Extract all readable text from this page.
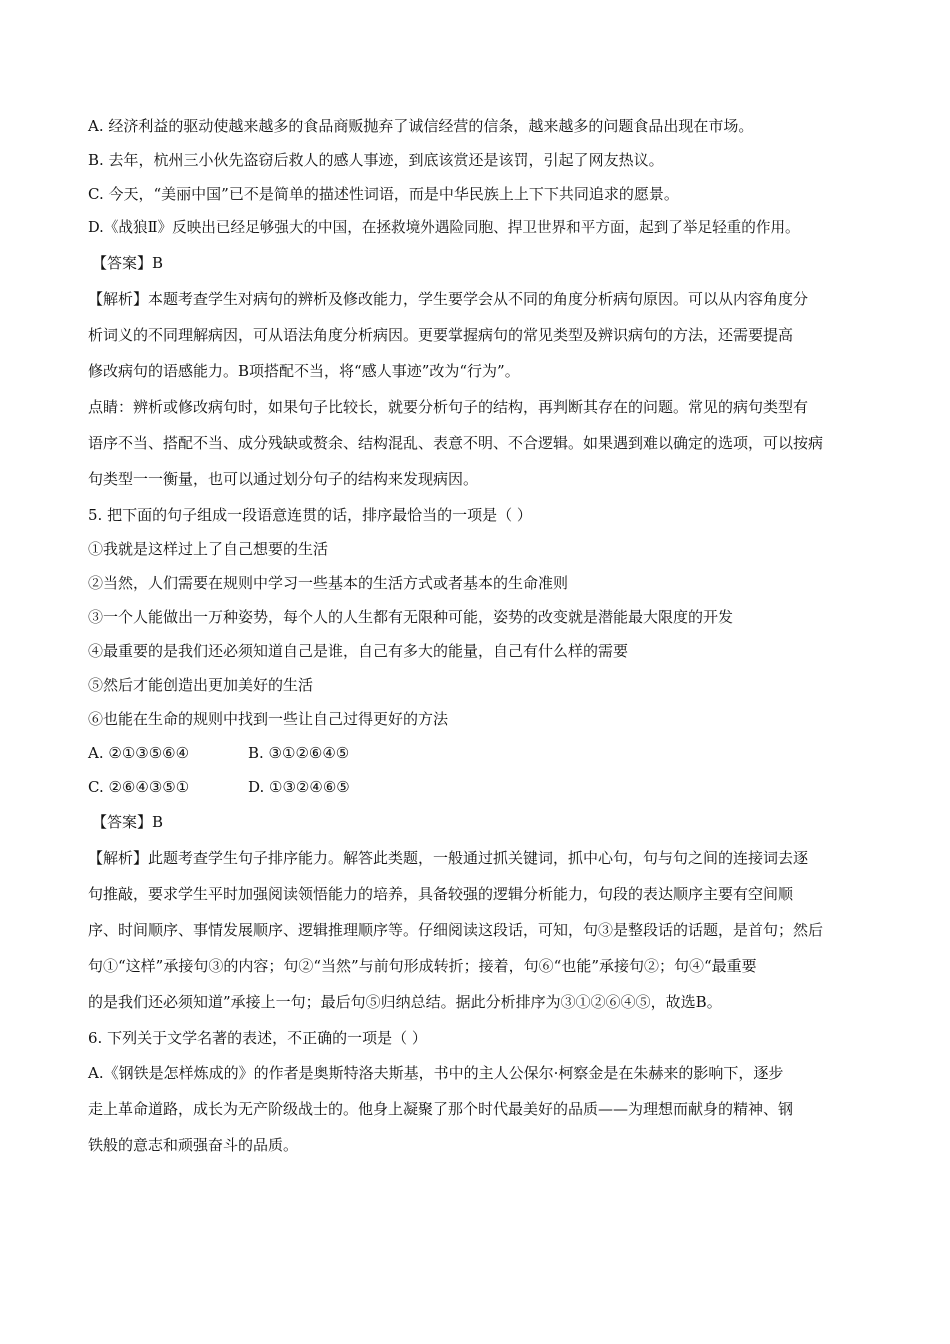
A. 经济利益的驱动使越来越多的食品商贩抛弃了诚信经营的信条，越来越多的问题食品出现在市场。
B. 去年，杭州三小伙先盗窃后救人的感人事迹，到底该赏还是该罚，引起了网友热议。
C. 今天，“美丽中国”已不是简单的描述性词语，而是中华民族上上下下共同追求的愿景。
D.《战狼Ⅱ》反映出已经足够强大的中国，在拯救境外遇险同胞、捍卫世界和平方面，起到了举足轻重的作用。
【答案】B
【解析】本题考查学生对病句的辨析及修改能力，学生要学会从不同的角度分析病句原因。可以从内容角度分
析词义的不同理解病因，可从语法角度分析病因。更要掌握病句的常见类型及辨识病句的方法，还需要提高
修改病句的语感能力。B项搭配不当，将“感人事迹”改为“行为”。
点睛：辨析或修改病句时，如果句子比较长，就要分析句子的结构，再判断其存在的问题。常见的病句类型有
语序不当、搭配不当、成分残缺或赘余、结构混乱、表意不明、不合逻辑。如果遇到难以确定的选项，可以按病
句类型一一衡量，也可以通过划分句子的结构来发现病因。
5. 把下面的句子组成一段语意连贯的话，排序最恰当的一项是（ ）
①我就是这样过上了自己想要的生活
②当然，人们需要在规则中学习一些基本的生活方式或者基本的生命准则
③一个人能做出一万种姿势，每个人的人生都有无限种可能，姿势的改变就是潜能最大限度的开发
④最重要的是我们还必须知道自己是谁，自己有多大的能量，自己有什么样的需要
⑤然后才能创造出更加美好的生活
⑥也能在生命的规则中找到一些让自己过得更好的方法
A. ②①③⑤⑥④	B. ③①②⑥④⑤
C. ②⑥④③⑤①	D. ①③②④⑥⑤
【答案】B
【解析】此题考查学生句子排序能力。解答此类题，一般通过抓关键词，抓中心句，句与句之间的连接词去逐
句推敲，要求学生平时加强阅读领悟能力的培养，具备较强的逻辑分析能力，句段的表达顺序主要有空间顺
序、时间顺序、事情发展顺序、逻辑推理顺序等。仔细阅读这段话，可知，句③是整段话的话题，是首句；然后
句①“这样”承接句③的内容；句②“当然”与前句形成转折；接着，句⑥“也能”承接句②；句④“最重要
的是我们还必须知道”承接上一句；最后句⑤归纳总结。据此分析排序为③①②⑥④⑤，故选B。
6. 下列关于文学名著的表述，不正确的一项是（ ）
A.《钢铁是怎样炼成的》的作者是奥斯特洛夫斯基，书中的主人公保尔·柯察金是在朱赫来的影响下，逐步
走上革命道路，成长为无产阶级战士的。他身上凝聚了那个时代最美好的品质——为理想而献身的精神、钢
铁般的意志和顽强奋斗的品质。
